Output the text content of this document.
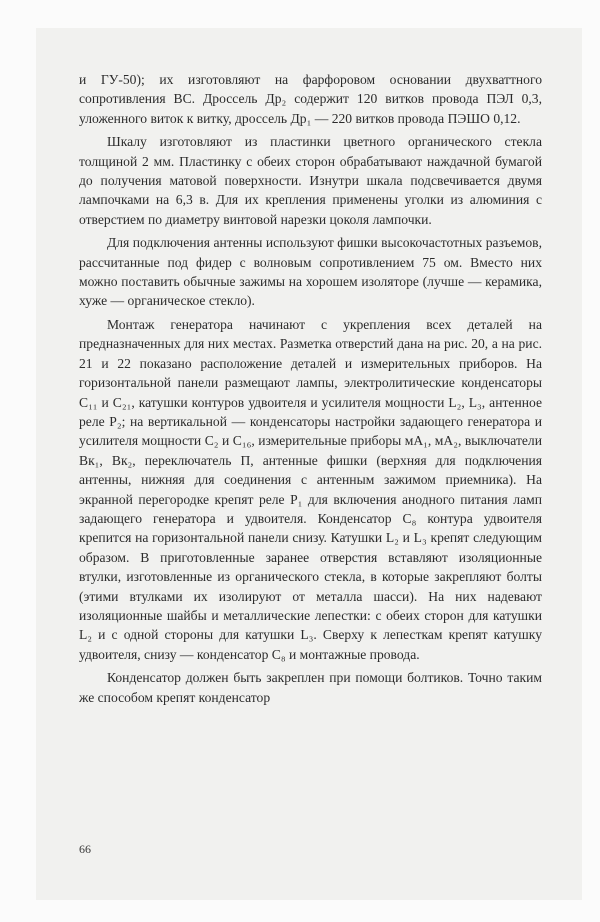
и ГУ-50); их изготовляют на фарфоровом основании двухваттного сопротивления ВС. Дроссель Др₂ содержит 120 витков провода ПЭЛ 0,3, уложенного виток к витку, дроссель Др₁ — 220 витков провода ПЭШО 0,12.

Шкалу изготовляют из пластинки цветного органического стекла толщиной 2 мм. Пластинку с обеих сторон обрабатывают наждачной бумагой до получения матовой поверхности. Изнутри шкала подсвечивается двумя лампочками на 6,3 в. Для их крепления применены уголки из алюминия с отверстием по диаметру винтовой нарезки цоколя лампочки.

Для подключения антенны используют фишки высокочастотных разъемов, рассчитанные под фидер с волновым сопротивлением 75 ом. Вместо них можно поставить обычные зажимы на хорошем изоляторе (лучше — керамика, хуже — органическое стекло).

Монтаж генератора начинают с укрепления всех деталей на предназначенных для них местах. Разметка отверстий дана на рис. 20, а на рис. 21 и 22 показано расположение деталей и измерительных приборов. На горизонтальной панели размещают лампы, электролитические конденсаторы C₁₁ и C₂₁, катушки контуров удвоителя и усилителя мощности L₂, L₃, антенное реле P₂; на вертикальной — конденсаторы настройки задающего генератора и усилителя мощности C₂ и C₁₆, измерительные приборы мА₁, мА₂, выключатели Вк₁, Вк₂, переключатель П, антенные фишки (верхняя для подключения антенны, нижняя для соединения с антенным зажимом приемника). На экранной перегородке крепят реле P₁ для включения анодного питания ламп задающего генератора и удвоителя. Конденсатор C₈ контура удвоителя крепится на горизонтальной панели снизу. Катушки L₂ и L₃ крепят следующим образом. В приготовленные заранее отверстия вставляют изоляционные втулки, изготовленные из органического стекла, в которые закрепляют болты (этими втулками их изолируют от металла шасси). На них надевают изоляционные шайбы и металлические лепестки: с обеих сторон для катушки L₂ и с одной стороны для катушки L₃. Сверху к лепесткам крепят катушку удвоителя, снизу — конденсатор C₈ и монтажные провода.

Конденсатор должен быть закреплен при помощи болтиков. Точно таким же способом крепят конденсатор

66
